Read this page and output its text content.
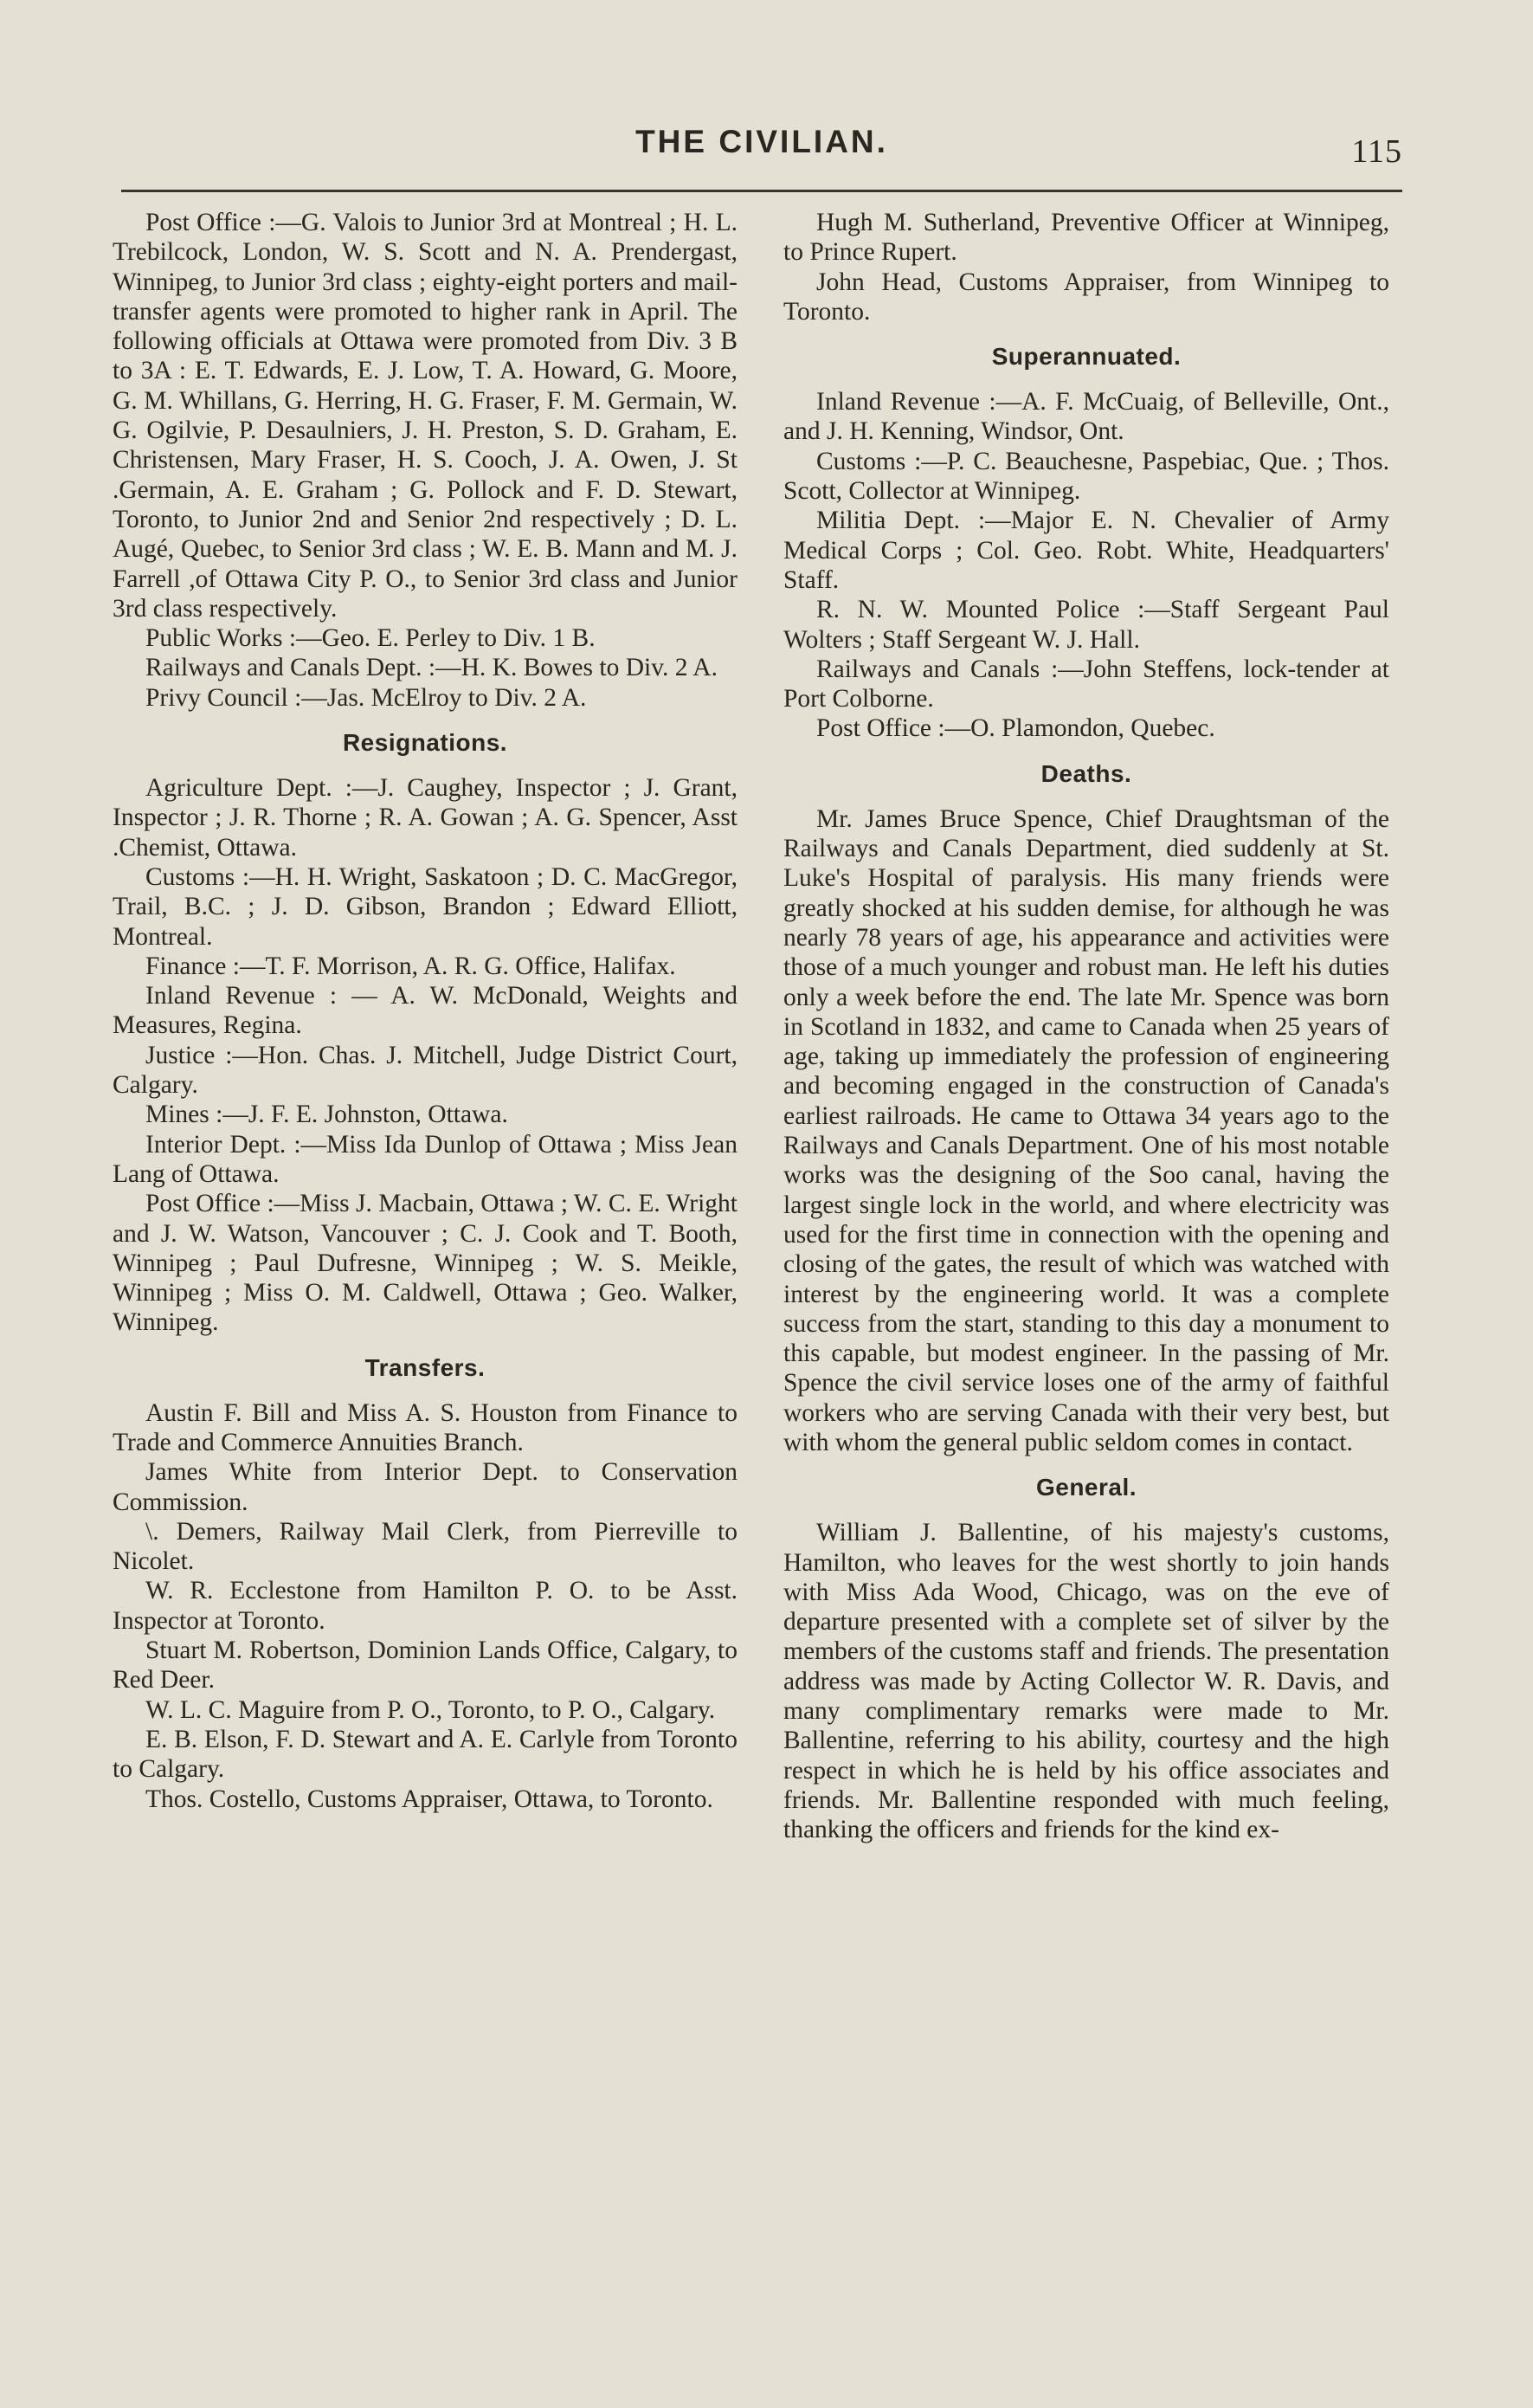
THE CIVILIAN.	115

Post Office :—G. Valois to Junior 3rd at Montreal ; H. L. Trebilcock, London, W. S. Scott and N. A. Prendergast, Winnipeg, to Junior 3rd class ; eighty-eight porters and mail-transfer agents were promoted to higher rank in April. The following officials at Ottawa were promoted from Div. 3 B to 3A : E. T. Edwards, E. J. Low, T. A. Howard, G. Moore, G. M. Whillans, G. Herring, H. G. Fraser, F. M. Germain, W. G. Ogilvie, P. Desaulniers, J. H. Preston, S. D. Graham, E. Christensen, Mary Fraser, H. S. Cooch, J. A. Owen, J. St .Germain, A. E. Graham ; G. Pollock and F. D. Stewart, Toronto, to Junior 2nd and Senior 2nd respectively ; D. L. Augé, Quebec, to Senior 3rd class ; W. E. B. Mann and M. J. Farrell ,of Ottawa City P. O., to Senior 3rd class and Junior 3rd class respectively.

Public Works :—Geo. E. Perley to Div. 1 B.

Railways and Canals Dept. :—H. K. Bowes to Div. 2 A.

Privy Council :—Jas. McElroy to Div. 2 A.

Resignations.

Agriculture Dept. :—J. Caughey, Inspector ; J. Grant, Inspector ; J. R. Thorne ; R. A. Gowan ; A. G. Spencer, Asst .Chemist, Ottawa.

Customs :—H. H. Wright, Saskatoon ; D. C. MacGregor, Trail, B.C. ; J. D. Gibson, Brandon ; Edward Elliott, Montreal.

Finance :—T. F. Morrison, A. R. G. Office, Halifax.

Inland Revenue : — A. W. McDonald, Weights and Measures, Regina.

Justice :—Hon. Chas. J. Mitchell, Judge District Court, Calgary.

Mines :—J. F. E. Johnston, Ottawa.

Interior Dept. :—Miss Ida Dunlop of Ottawa ; Miss Jean Lang of Ottawa.

Post Office :—Miss J. Macbain, Ottawa ; W. C. E. Wright and J. W. Watson, Vancouver ; C. J. Cook and T. Booth, Winnipeg ; Paul Dufresne, Winnipeg ; W. S. Meikle, Winnipeg ; Miss O. M. Caldwell, Ottawa ; Geo. Walker, Winnipeg.

Transfers.

Austin F. Bill and Miss A. S. Houston from Finance to Trade and Commerce Annuities Branch.

James White from Interior Dept. to Conservation Commission.

\. Demers, Railway Mail Clerk, from Pierreville to Nicolet.

W. R. Ecclestone from Hamilton P. O. to be Asst. Inspector at Toronto.

Stuart M. Robertson, Dominion Lands Office, Calgary, to Red Deer.

W. L. C. Maguire from P. O., Toronto, to P. O., Calgary.

E. B. Elson, F. D. Stewart and A. E. Carlyle from Toronto to Calgary.

Thos. Costello, Customs Appraiser, Ottawa, to Toronto.

Hugh M. Sutherland, Preventive Officer at Winnipeg, to Prince Rupert.

John Head, Customs Appraiser, from Winnipeg to Toronto.

Superannuated.

Inland Revenue :—A. F. McCuaig, of Belleville, Ont., and J. H. Kenning, Windsor, Ont.

Customs :—P. C. Beauchesne, Paspebiac, Que. ; Thos. Scott, Collector at Winnipeg.

Militia Dept. :—Major E. N. Chevalier of Army Medical Corps ; Col. Geo. Robt. White, Headquarters' Staff.

R. N. W. Mounted Police :—Staff Sergeant Paul Wolters ; Staff Sergeant W. J. Hall.

Railways and Canals :—John Steffens, lock-tender at Port Colborne.

Post Office :—O. Plamondon, Quebec.

Deaths.

Mr. James Bruce Spence, Chief Draughtsman of the Railways and Canals Department, died suddenly at St. Luke's Hospital of paralysis. His many friends were greatly shocked at his sudden demise, for although he was nearly 78 years of age, his appearance and activities were those of a much younger and robust man. He left his duties only a week before the end. The late Mr. Spence was born in Scotland in 1832, and came to Canada when 25 years of age, taking up immediately the profession of engineering and becoming engaged in the construction of Canada's earliest railroads. He came to Ottawa 34 years ago to the Railways and Canals Department. One of his most notable works was the designing of the Soo canal, having the largest single lock in the world, and where electricity was used for the first time in connection with the opening and closing of the gates, the result of which was watched with interest by the engineering world. It was a complete success from the start, standing to this day a monument to this capable, but modest engineer. In the passing of Mr. Spence the civil service loses one of the army of faithful workers who are serving Canada with their very best, but with whom the general public seldom comes in contact.

General.

William J. Ballentine, of his majesty's customs, Hamilton, who leaves for the west shortly to join hands with Miss Ada Wood, Chicago, was on the eve of departure presented with a complete set of silver by the members of the customs staff and friends. The presentation address was made by Acting Collector W. R. Davis, and many complimentary remarks were made to Mr. Ballentine, referring to his ability, courtesy and the high respect in which he is held by his office associates and friends. Mr. Ballentine responded with much feeling, thanking the officers and friends for the kind ex-
